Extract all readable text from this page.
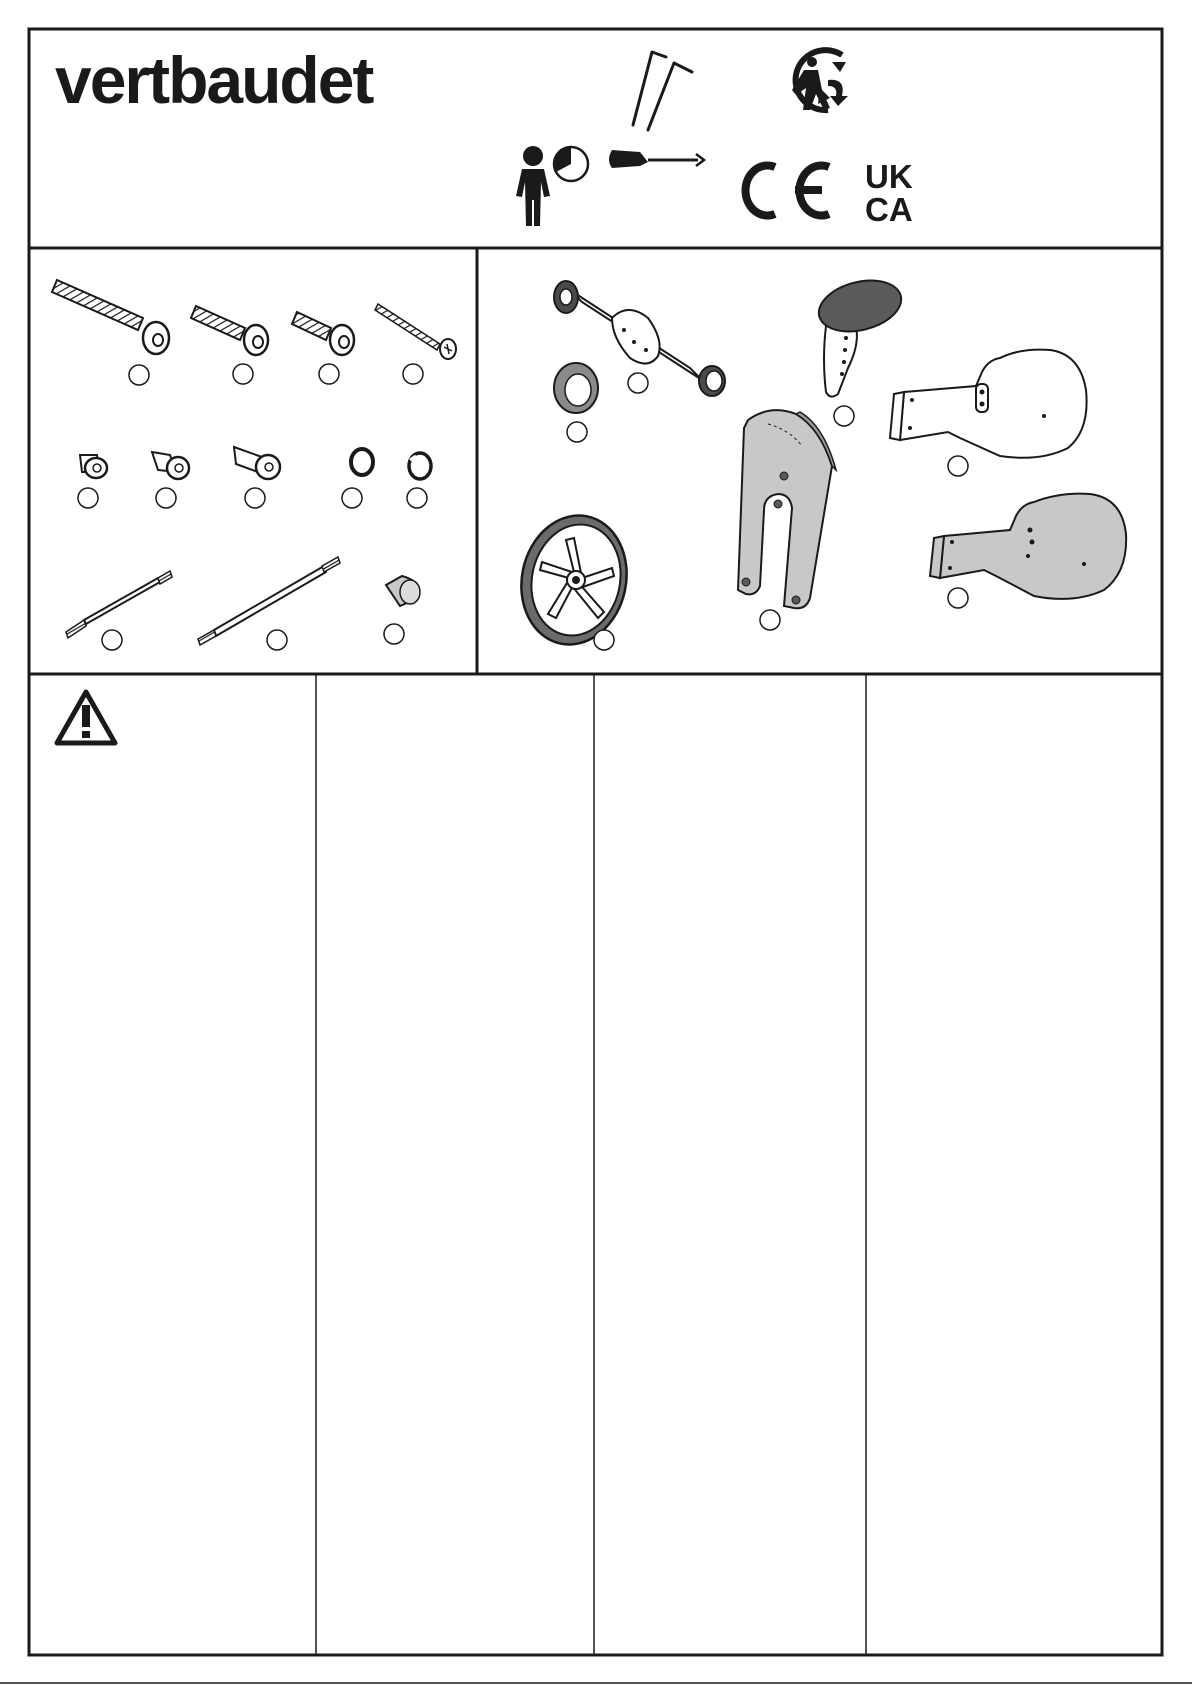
vertbaudet
UK
CA
